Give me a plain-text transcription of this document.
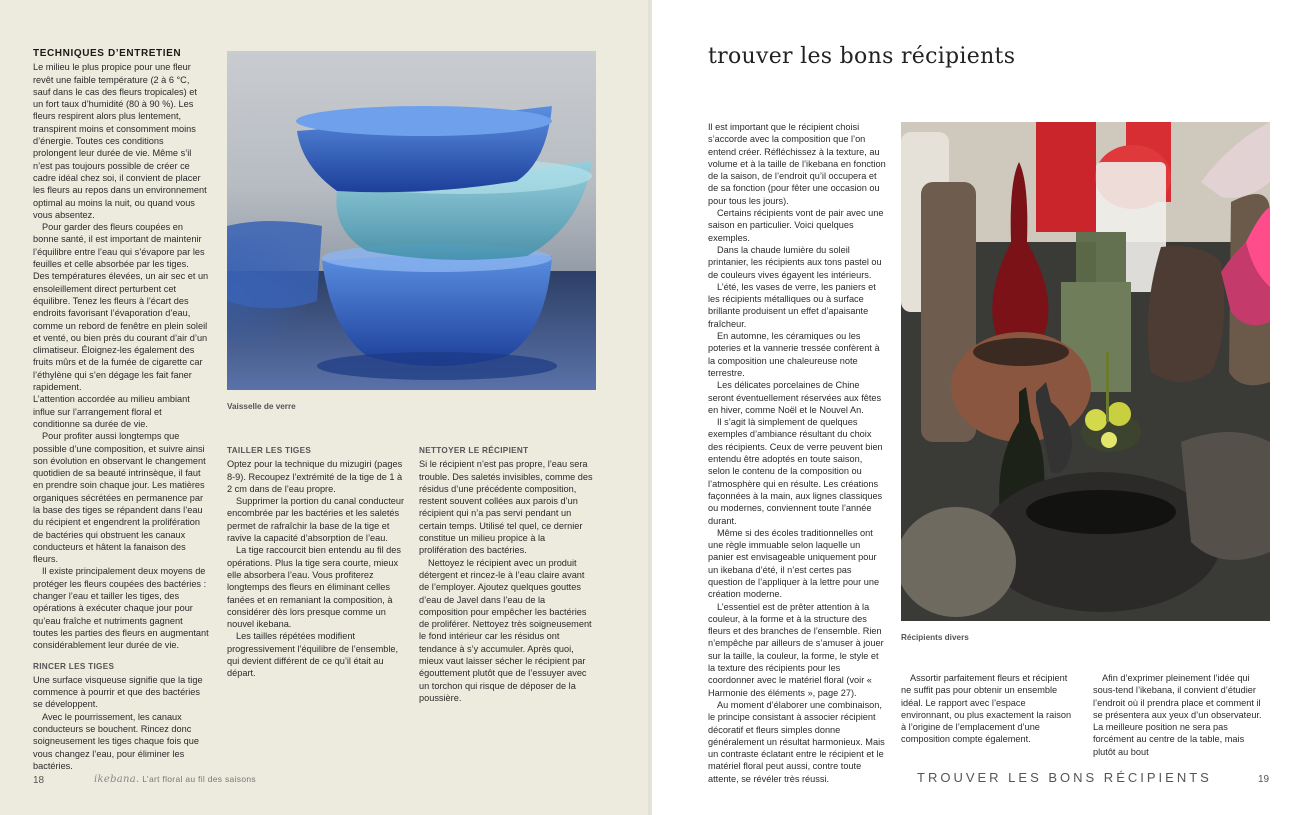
TECHNIQUES D’ENTRETIEN

Le milieu le plus propice pour une fleur revêt une faible température (2 à 6 °C, sauf dans le cas des fleurs tropicales) et un fort taux d’humidité (80 à 90 %). Les fleurs respirent alors plus lentement, transpirent moins et consomment moins d’énergie. Toutes ces conditions prolongent leur durée de vie. Même s’il n’est pas toujours possible de créer ce cadre idéal chez soi, il convient de placer les fleurs au repos dans un environnement optimal au moins la nuit, ou quand vous vous absentez.

Pour garder des fleurs coupées en bonne santé, il est important de maintenir l’équilibre entre l’eau qui s’évapore par les feuilles et celle absorbée par les tiges.

Des températures élevées, un air sec et un ensoleillement direct perturbent cet équilibre. Tenez les fleurs à l’écart des endroits favorisant l’évaporation d’eau, comme un rebord de fenêtre en plein soleil et venté, ou bien près du courant d’air d’un climatiseur. Éloignez-les également des fruits mûrs et de la fumée de cigarette car l’éthylène qui s’en dégage les fait faner rapidement.

L’attention accordée au milieu ambiant influe sur l’arrangement floral et conditionne sa durée de vie.

Pour profiter aussi longtemps que possible d’une composition, et suivre ainsi son évolution en observant le changement quotidien de sa beauté intrinsèque, il faut en prendre soin chaque jour. Les matières organiques sécrétées en permanence par la base des tiges se répandent dans l’eau du récipient et engendrent la prolifération de bactéries qui obstruent les canaux conducteurs et hâtent la fanaison des fleurs.

Il existe principalement deux moyens de protéger les fleurs coupées des bactéries : changer l’eau et tailler les tiges, des opérations à exécuter chaque jour pour qu’eau fraîche et nutriments gagnent toutes les parties des fleurs en augmentant considérablement leur durée de vie.

RINCER LES TIGES

Une surface visqueuse signifie que la tige commence à pourrir et que des bactéries se développent.

Avec le pourrissement, les canaux conducteurs se bouchent. Rincez donc soigneusement les tiges chaque fois que vous changez l’eau, pour éliminer les bactéries.

Vaisselle de verre

TAILLER LES TIGES

Optez pour la technique du mizugiri (pages 8-9). Recoupez l’extrémité de la tige de 1 à 2 cm dans de l’eau propre.

Supprimer la portion du canal conducteur encombrée par les bactéries et les saletés permet de rafraîchir la base de la tige et ravive la capacité d’absorption de l’eau.

La tige raccourcit bien entendu au fil des opérations. Plus la tige sera courte, mieux elle absorbera l’eau. Vous profiterez longtemps des fleurs en éliminant celles fanées et en remaniant la composition, à considérer dès lors presque comme un nouvel ikebana.

Les tailles répétées modifient progressivement l’équilibre de l’ensemble, qui devient différent de ce qu’il était au départ.

NETTOYER LE RÉCIPIENT

Si le récipient n’est pas propre, l’eau sera trouble. Des saletés invisibles, comme des résidus d’une précédente composition, restent souvent collées aux parois d’un récipient qui n’a pas servi pendant un certain temps. Utilisé tel quel, ce dernier constitue un milieu propice à la prolifération des bactéries.

Nettoyez le récipient avec un produit détergent et rincez-le à l’eau claire avant de l’employer. Ajoutez quelques gouttes d’eau de Javel dans l’eau de la composition pour empêcher les bactéries de proliférer. Nettoyez très soigneusement le fond intérieur car les résidus ont tendance à s’y accumuler. Après quoi, mieux vaut laisser sécher le récipient par égouttement plutôt que de l’essuyer avec un torchon qui risque de déposer de la poussière.

18	ikebana. L’art floral au fil des saisons
trouver les bons récipients

Il est important que le récipient choisi s’accorde avec la composition que l’on entend créer. Réfléchissez à la texture, au volume et à la taille de l’ikebana en fonction de la saison, de l’endroit qu’il occupera et de sa fonction (pour fêter une occasion ou pour tous les jours).

Certains récipients vont de pair avec une saison en particulier. Voici quelques exemples.

Dans la chaude lumière du soleil printanier, les récipients aux tons pastel ou de couleurs vives égayent les intérieurs.

L’été, les vases de verre, les paniers et les récipients métalliques ou à surface brillante produisent un effet d’apaisante fraîcheur.

En automne, les céramiques ou les poteries et la vannerie tressée confèrent à la composition une chaleureuse note terrestre.

Les délicates porcelaines de Chine seront éventuellement réservées aux fêtes en hiver, comme Noël et le Nouvel An.

Il s’agit là simplement de quelques exemples d’ambiance résultant du choix des récipients. Ceux de verre peuvent bien entendu être adoptés en toute saison, selon le contenu de la composition ou l’atmosphère qui en résulte. Les créations façonnées à la main, aux lignes classiques ou modernes, conviennent toute l’année durant.

Même si des écoles traditionnelles ont une règle immuable selon laquelle un panier est envisageable uniquement pour un ikebana d’été, il n’est certes pas question de l’appliquer à la lettre pour une création moderne.

L’essentiel est de prêter attention à la couleur, à la forme et à la structure des fleurs et des branches de l’ensemble. Rien n’empêche par ailleurs de s’amuser à jouer sur la taille, la couleur, la forme, le style et la texture des récipients pour les coordonner avec le matériel floral (voir « Harmonie des éléments », page 27).

Au moment d’élaborer une combinaison, le principe consistant à associer récipient décoratif et fleurs simples donne généralement un résultat harmonieux. Mais un contraste éclatant entre le récipient et le matériel floral peut aussi, contre toute attente, se révéler très réussi.

Récipients divers

Assortir parfaitement fleurs et récipient ne suffit pas pour obtenir un ensemble idéal. Le rapport avec l’espace environnant, ou plus exactement la raison à l’origine de l’emplacement d’une composition compte également.

Afin d’exprimer pleinement l’idée qui sous-tend l’ikebana, il convient d’étudier l’endroit où il prendra place et comment il se présentera aux yeux d’un observateur. La meilleure position ne sera pas forcément au centre de la table, mais plutôt au bout

TROUVER LES BONS RÉCIPIENTS	19
